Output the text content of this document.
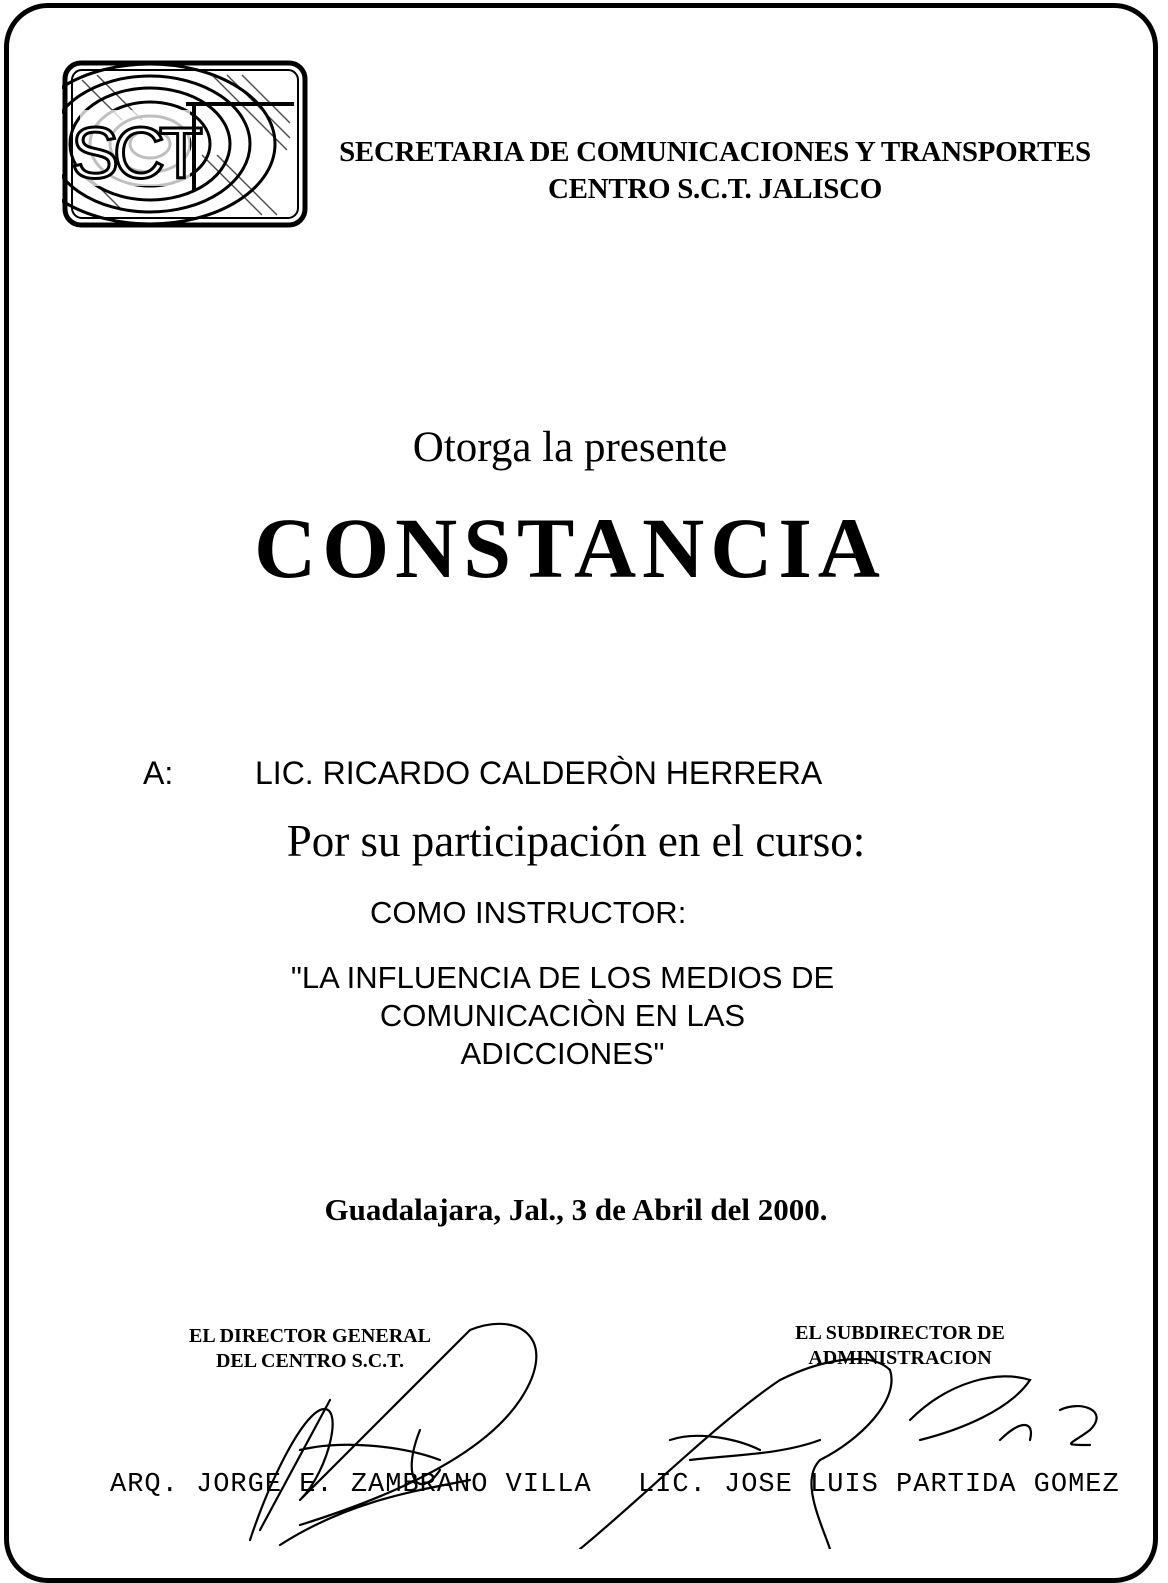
SCT	SECRETARIA DE COMUNICACIONES Y TRANSPORTES
CENTRO S.C.T. JALISCO
Otorga la presente
CONSTANCIA
A:	LIC. RICARDO CALDERÒN HERRERA
Por su participación en el curso:
COMO INSTRUCTOR:
"LA INFLUENCIA DE LOS MEDIOS DE
COMUNICACIÒN EN LAS
ADICCIONES"
Guadalajara, Jal., 3 de Abril del 2000.
EL DIRECTOR GENERAL
DEL CENTRO S.C.T.
EL SUBDIRECTOR DE
ADMINISTRACION
ARQ. JORGE E. ZAMBRANO VILLA LIC. JOSE LUIS PARTIDA GOMEZ
